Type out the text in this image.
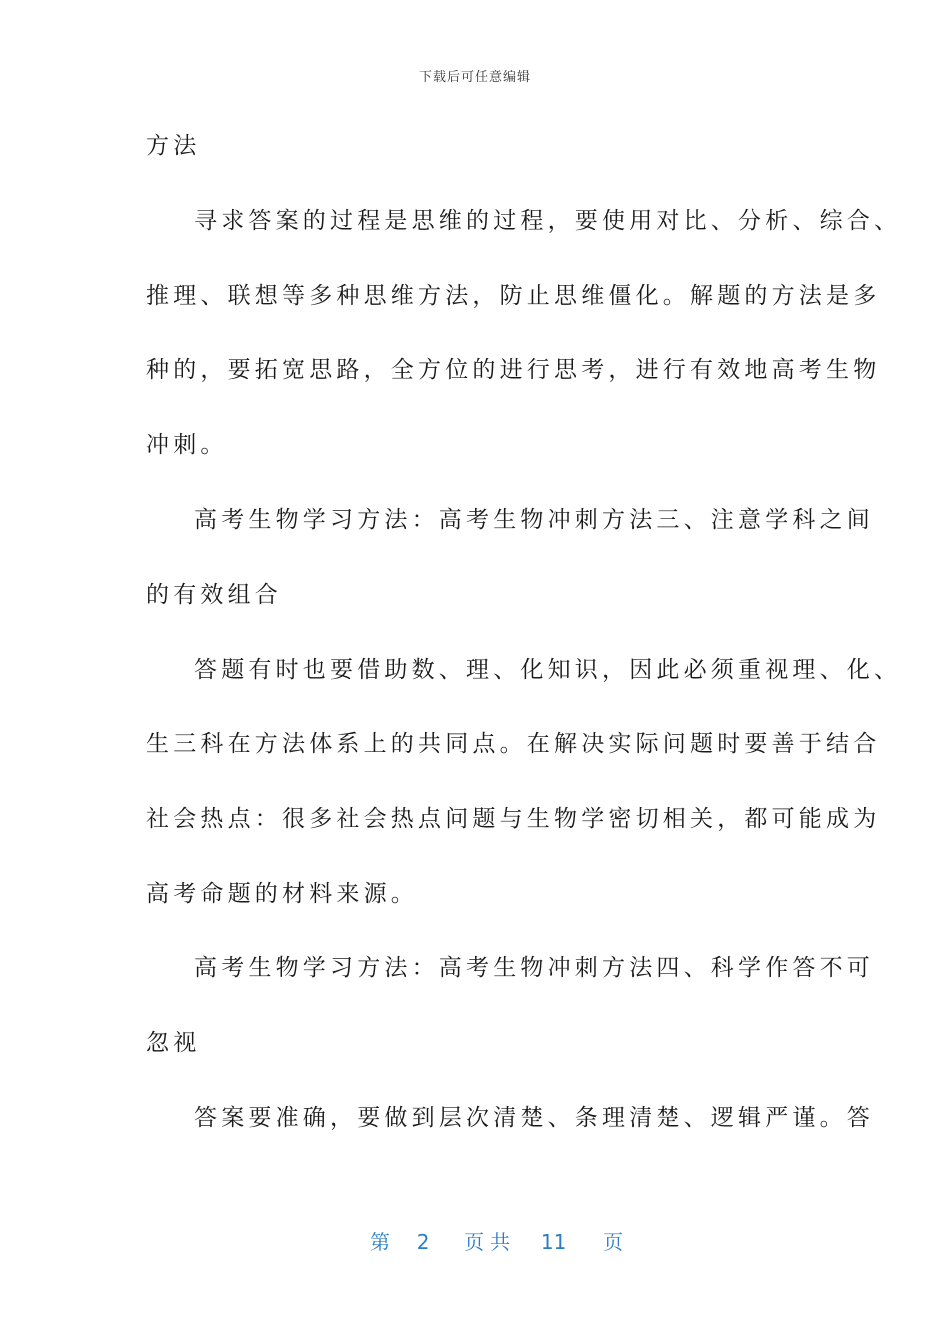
下载后可任意编辑
方法
寻求答案的过程是思维的过程，要使用对比、分析、综合、
推理、联想等多种思维方法，防止思维僵化。解题的方法是多
种的，要拓宽思路，全方位的进行思考，进行有效地高考生物
冲刺。
高考生物学习方法：高考生物冲刺方法三、注意学科之间
的有效组合
答题有时也要借助数、理、化知识，因此必须重视理、化、
生三科在方法体系上的共同点。在解决实际问题时要善于结合
社会热点：很多社会热点问题与生物学密切相关，都可能成为
高考命题的材料来源。
高考生物学习方法：高考生物冲刺方法四、科学作答不可
忽视
答案要准确，要做到层次清楚、条理清楚、逻辑严谨。答
第 2 页共 11 页
